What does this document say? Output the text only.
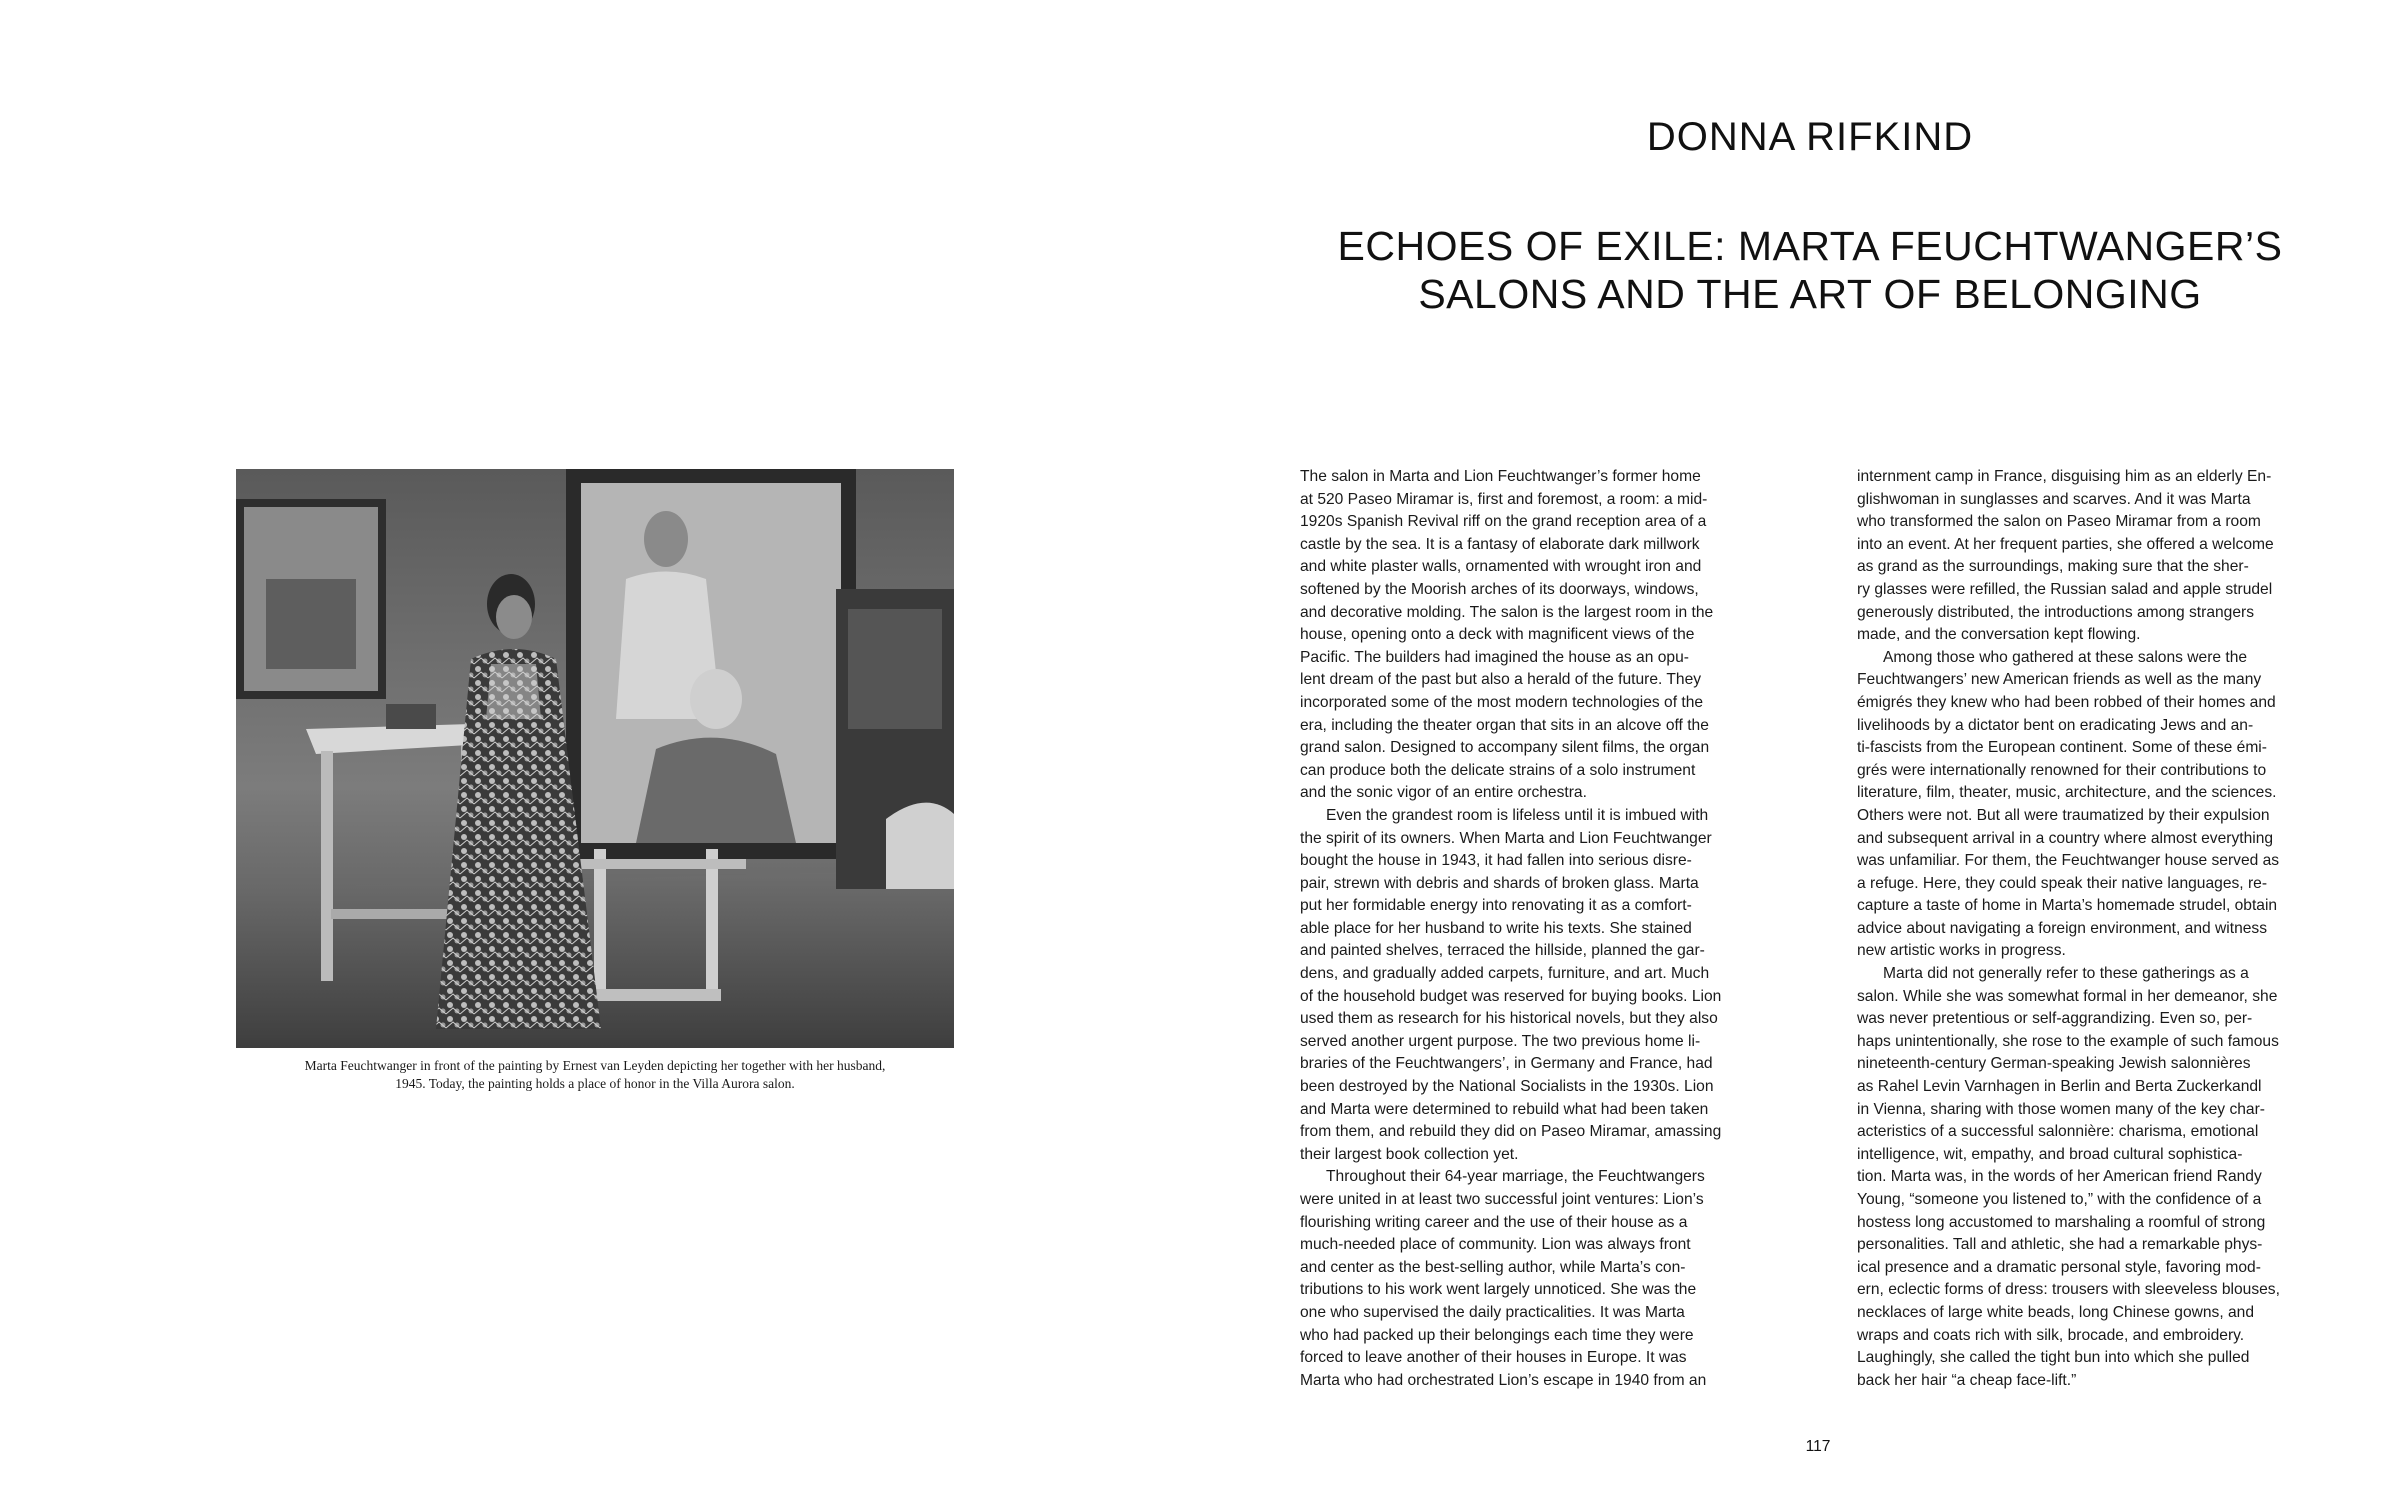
Marta Feuchtwanger in front of the painting by Ernest van Leyden depicting her together with her husband,
1945. Today, the painting holds a place of honor in the Villa Aurora salon.
DONNA RIFKIND
ECHOES OF EXILE: MARTA FEUCHTWANGER’S
SALONS AND THE ART OF BELONGING

The salon in Marta and Lion Feuchtwanger’s former home
at 520 Paseo Miramar is, first and foremost, a room: a mid-
1920s Spanish Revival riff on the grand reception area of a
castle by the sea. It is a fantasy of elaborate dark millwork
and white plaster walls, ornamented with wrought iron and
softened by the Moorish arches of its doorways, windows,
and decorative molding. The salon is the largest room in the
house, opening onto a deck with magnificent views of the
Pacific. The builders had imagined the house as an opu-
lent dream of the past but also a herald of the future. They
incorporated some of the most modern technologies of the
era, including the theater organ that sits in an alcove off the
grand salon. Designed to accompany silent films, the organ
can produce both the delicate strains of a solo instrument
and the sonic vigor of an entire orchestra.

Even the grandest room is lifeless until it is imbued with
the spirit of its owners. When Marta and Lion Feuchtwanger
bought the house in 1943, it had fallen into serious disre-
pair, strewn with debris and shards of broken glass. Marta
put her formidable energy into renovating it as a comfort-
able place for her husband to write his texts. She stained
and painted shelves, terraced the hillside, planned the gar-
dens, and gradually added carpets, furniture, and art. Much
of the household budget was reserved for buying books. Lion
used them as research for his historical novels, but they also
served another urgent purpose. The two previous home li-
braries of the Feuchtwangers’, in Germany and France, had
been destroyed by the National Socialists in the 1930s. Lion
and Marta were determined to rebuild what had been taken
from them, and rebuild they did on Paseo Miramar, amassing
their largest book collection yet.

Throughout their 64-year marriage, the Feuchtwangers
were united in at least two successful joint ventures: Lion’s
flourishing writing career and the use of their house as a
much-needed place of community. Lion was always front
and center as the best-selling author, while Marta’s con-
tributions to his work went largely unnoticed. She was the
one who supervised the daily practicalities. It was Marta
who had packed up their belongings each time they were
forced to leave another of their houses in Europe. It was
Marta who had orchestrated Lion’s escape in 1940 from an

internment camp in France, disguising him as an elderly En-
glishwoman in sunglasses and scarves. And it was Marta
who transformed the salon on Paseo Miramar from a room
into an event. At her frequent parties, she offered a welcome
as grand as the surroundings, making sure that the sher-
ry glasses were refilled, the Russian salad and apple strudel
generously distributed, the introductions among strangers
made, and the conversation kept flowing.

Among those who gathered at these salons were the
Feuchtwangers’ new American friends as well as the many
émigrés they knew who had been robbed of their homes and
livelihoods by a dictator bent on eradicating Jews and an-
ti-fascists from the European continent. Some of these émi-
grés were internationally renowned for their contributions to
literature, film, theater, music, architecture, and the sciences.
Others were not. But all were traumatized by their expulsion
and subsequent arrival in a country where almost everything
was unfamiliar. For them, the Feuchtwanger house served as
a refuge. Here, they could speak their native languages, re-
capture a taste of home in Marta’s homemade strudel, obtain
advice about navigating a foreign environment, and witness
new artistic works in progress.

Marta did not generally refer to these gatherings as a
salon. While she was somewhat formal in her demeanor, she
was never pretentious or self-aggrandizing. Even so, per-
haps unintentionally, she rose to the example of such famous
nineteenth-century German-speaking Jewish salonnières
as Rahel Levin Varnhagen in Berlin and Berta Zuckerkandl
in Vienna, sharing with those women many of the key char-
acteristics of a successful salonnière: charisma, emotional
intelligence, wit, empathy, and broad cultural sophistica-
tion. Marta was, in the words of her American friend Randy
Young, “someone you listened to,” with the confidence of a
hostess long accustomed to marshaling a roomful of strong
personalities. Tall and athletic, she had a remarkable phys-
ical presence and a dramatic personal style, favoring mod-
ern, eclectic forms of dress: trousers with sleeveless blouses,
necklaces of large white beads, long Chinese gowns, and
wraps and coats rich with silk, brocade, and embroidery.
Laughingly, she called the tight bun into which she pulled
back her hair “a cheap face-lift.”

117
